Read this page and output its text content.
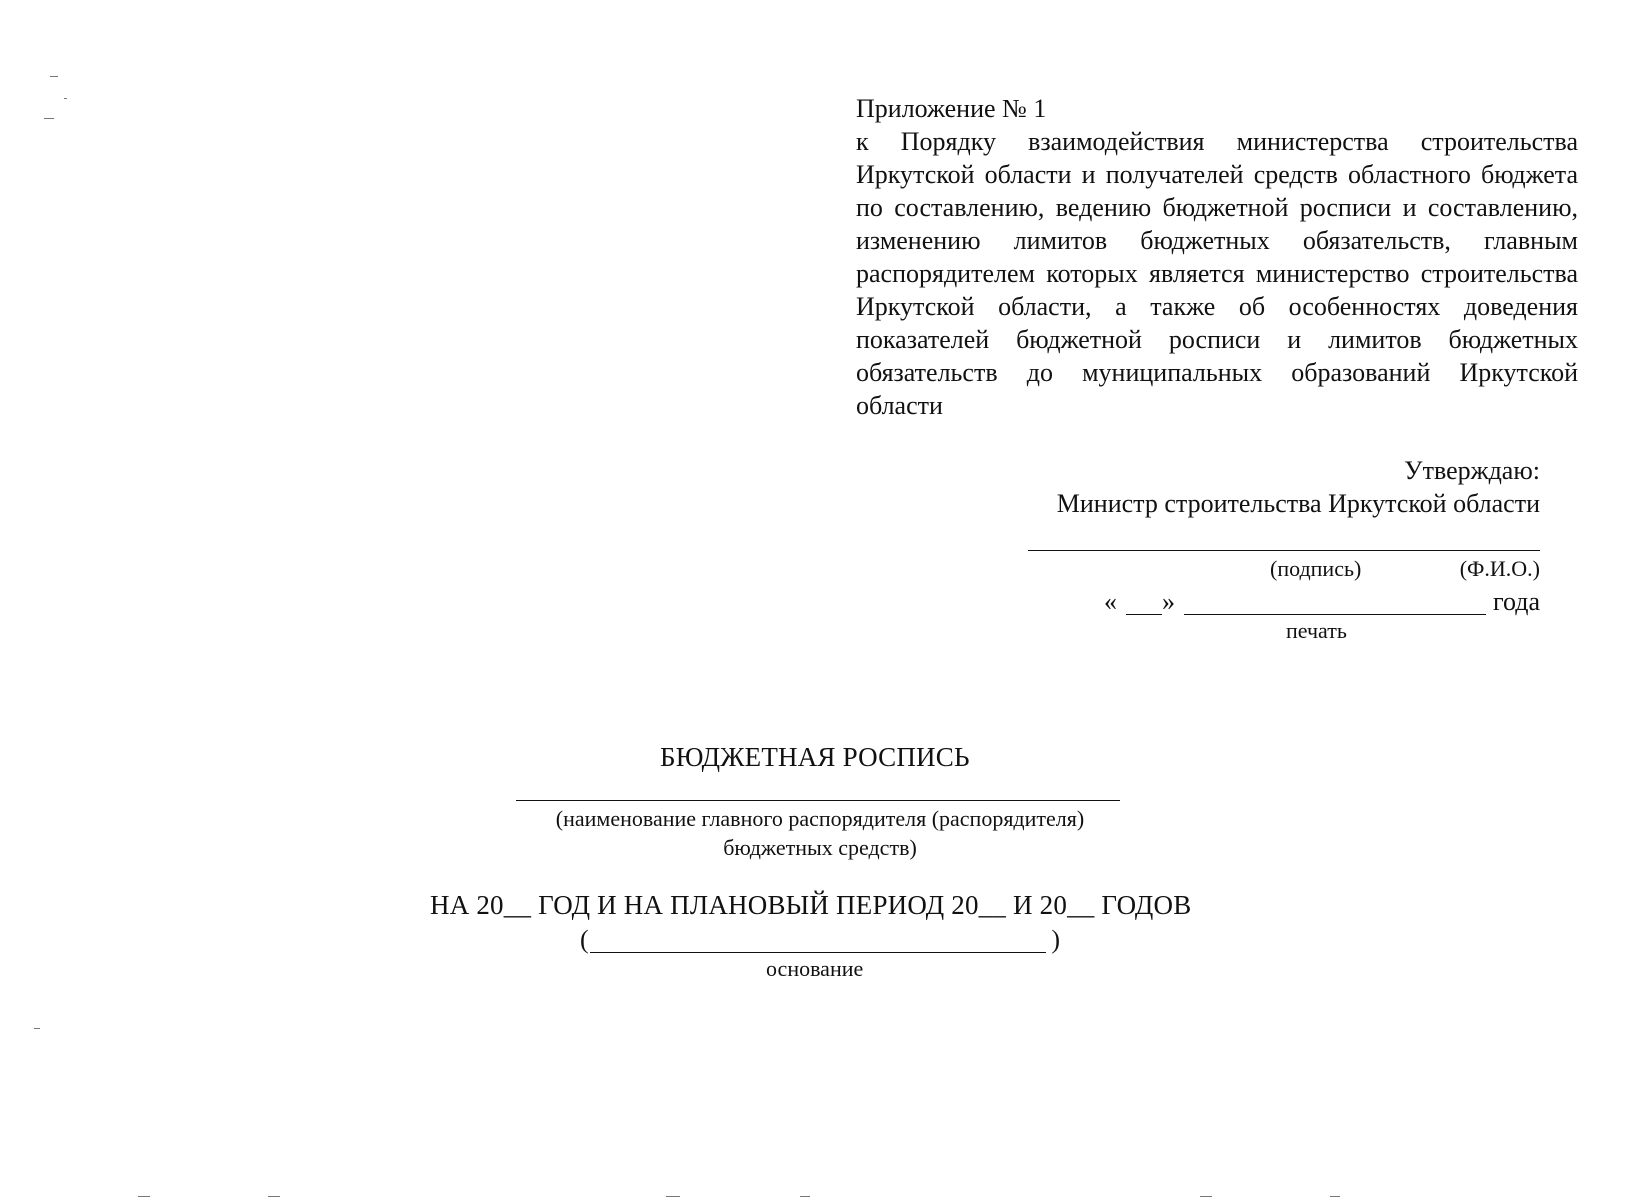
Приложение № 1
к Порядку взаимодействия министерства строительства Иркутской области и получателей средств областного бюджета по составлению, ведению бюджетной росписи и составлению, изменению лимитов бюджетных обязательств, главным распорядителем которых является министерство строительства Иркутской области, а также об особенностях доведения показателей бюджетной росписи и лимитов бюджетных обязательств до муниципальных образований Иркутской области
Утверждаю:
Министр строительства Иркутской области
(подпись)	(Ф.И.О.)
« »	года
печать
БЮДЖЕТНАЯ РОСПИСЬ
(наименование главного распорядителя (распорядителя)
бюджетных средств)
НА 20__ ГОД И НА ПЛАНОВЫЙ ПЕРИОД 20__ И 20__ ГОДОВ
(	)
основание
